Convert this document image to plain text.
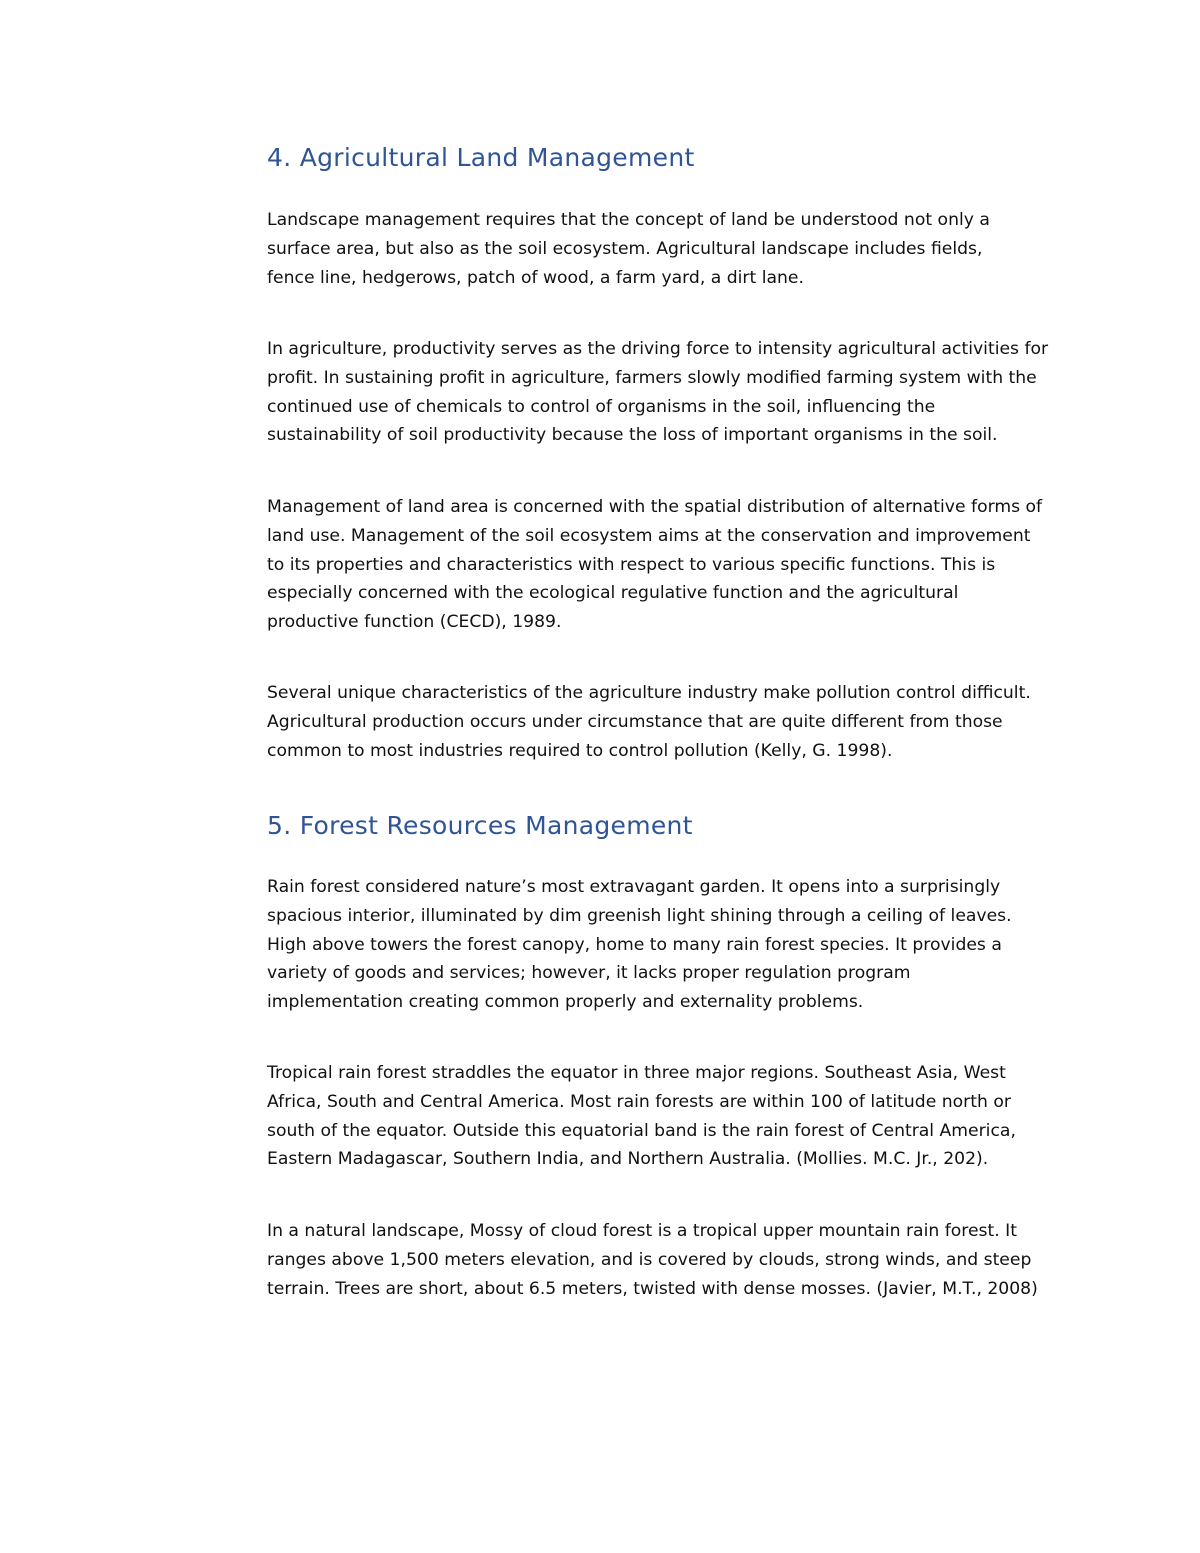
4. Agricultural Land Management

Landscape management requires that the concept of land be understood not only a surface area, but also as the soil ecosystem. Agricultural landscape includes fields, fence line, hedgerows, patch of wood, a farm yard, a dirt lane.

In agriculture, productivity serves as the driving force to intensity agricultural activities for profit. In sustaining profit in agriculture, farmers slowly modified farming system with the continued use of chemicals to control of organisms in the soil, influencing the sustainability of soil productivity because the loss of important organisms in the soil.

Management of land area is concerned with the spatial distribution of alternative forms of land use. Management of the soil ecosystem aims at the conservation and improvement to its properties and characteristics with respect to various specific functions. This is especially concerned with the ecological regulative function and the agricultural productive function (CECD), 1989.

Several unique characteristics of the agriculture industry make pollution control difficult. Agricultural production occurs under circumstance that are quite different from those common to most industries required to control pollution (Kelly, G. 1998).

5. Forest Resources Management

Rain forest considered nature’s most extravagant garden. It opens into a surprisingly spacious interior, illuminated by dim greenish light shining through a ceiling of leaves. High above towers the forest canopy, home to many rain forest species. It provides a variety of goods and services; however, it lacks proper regulation program implementation creating common properly and externality problems.

Tropical rain forest straddles the equator in three major regions. Southeast Asia, West Africa, South and Central America. Most rain forests are within 100 of latitude north or south of the equator. Outside this equatorial band is the rain forest of Central America, Eastern Madagascar, Southern India, and Northern Australia. (Mollies. M.C. Jr., 202).

In a natural landscape, Mossy of cloud forest is a tropical upper mountain rain forest. It ranges above 1,500 meters elevation, and is covered by clouds, strong winds, and steep terrain. Trees are short, about 6.5 meters, twisted with dense mosses. (Javier, M.T., 2008)
